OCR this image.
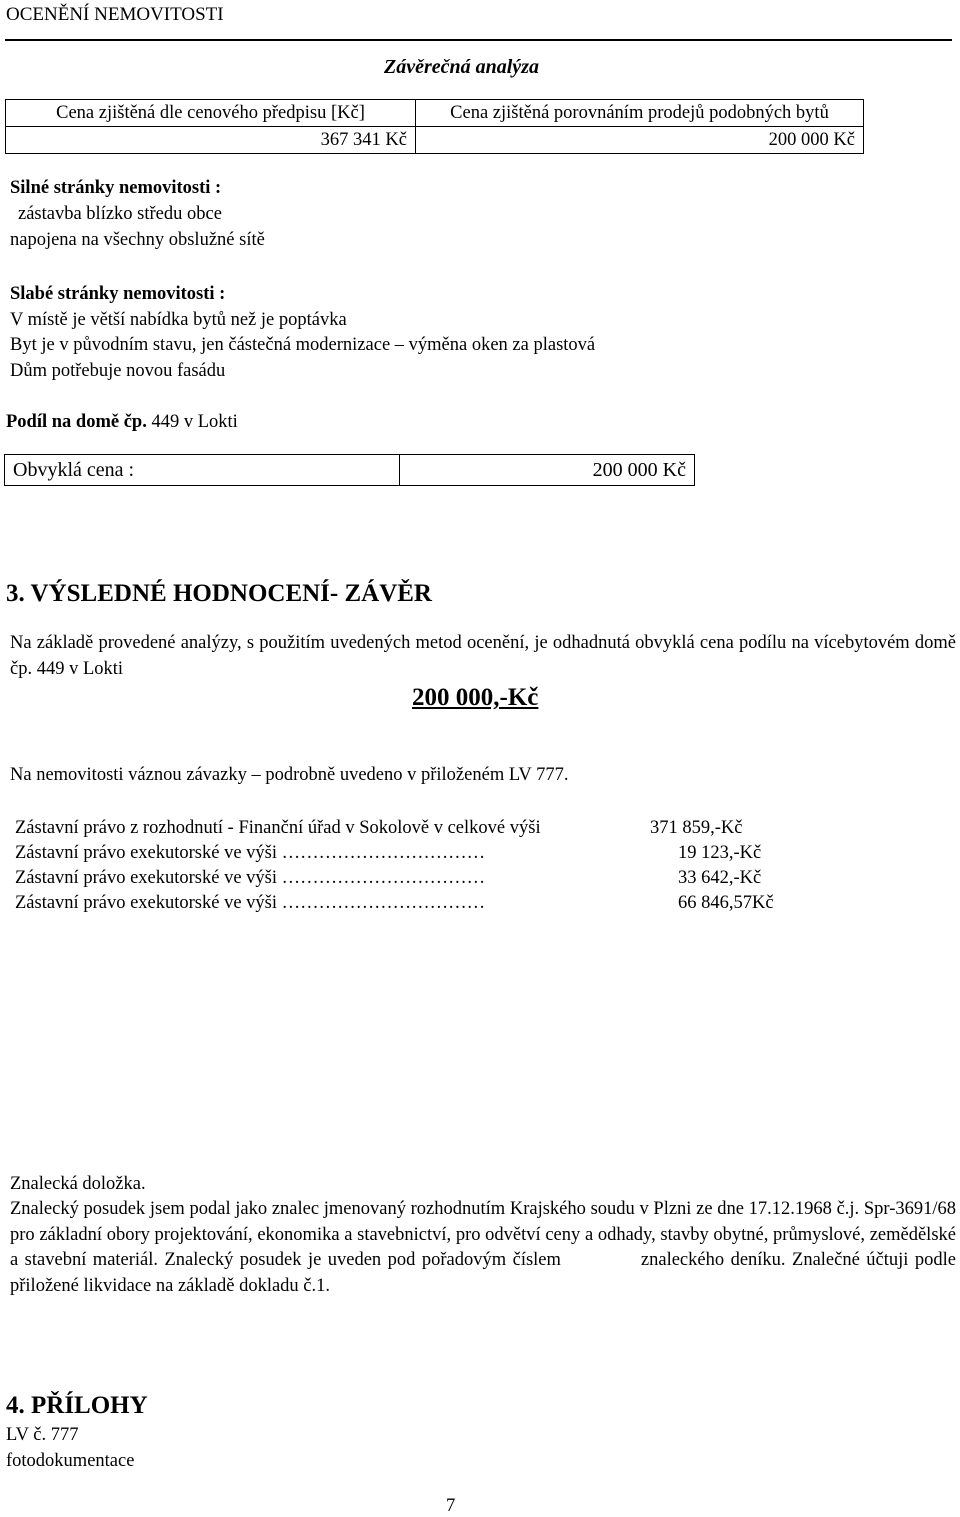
OCENĚNÍ NEMOVITOSTI
Závěrečná analýza
Cena zjištěná dle cenového předpisu [Kč]	Cena zjištěná porovnáním prodejů podobných bytů
367 341 Kč	200 000 Kč
Silné stránky nemovitosti :
zástavba blízko středu obce
napojena na všechny obslužné sítě
Slabé stránky nemovitosti :
V místě je větší nabídka bytů než je poptávka
Byt je v původním stavu, jen částečná modernizace – výměna oken za plastová
Dům potřebuje novou fasádu
Podíl na domě čp. 449 v Lokti
Obvyklá cena :	200 000 Kč
3. VÝSLEDNÉ HODNOCENÍ- ZÁVĚR
Na základě provedené analýzy, s použitím uvedených metod ocenění, je odhadnutá obvyklá cena podílu na vícebytovém domě čp. 449 v Lokti
200 000,-Kč
Na nemovitosti váznou závazky – podrobně uvedeno v přiloženém LV 777.
Zástavní právo z rozhodnutí - Finanční úřad v Sokolově v celkové výši	371 859,-Kč
Zástavní právo exekutorské ve výši ……………………………	19 123,-Kč
Zástavní právo exekutorské ve výši ……………………………	33 642,-Kč
Zástavní právo exekutorské ve výši ……………………………	66 846,57Kč
Znalecká doložka.
Znalecký posudek jsem podal jako znalec jmenovaný rozhodnutím Krajského soudu v Plzni ze dne 17.12.1968 č.j. Spr-3691/68 pro základní obory projektování, ekonomika a stavebnictví, pro odvětví ceny a odhady, stavby obytné, průmyslové, zemědělské a stavební materiál. Znalecký posudek je uveden pod pořadovým číslem	znaleckého deníku. Znalečné účtuji podle přiložené likvidace na základě dokladu č.1.
4. PŘÍLOHY
LV č. 777
fotodokumentace
7
